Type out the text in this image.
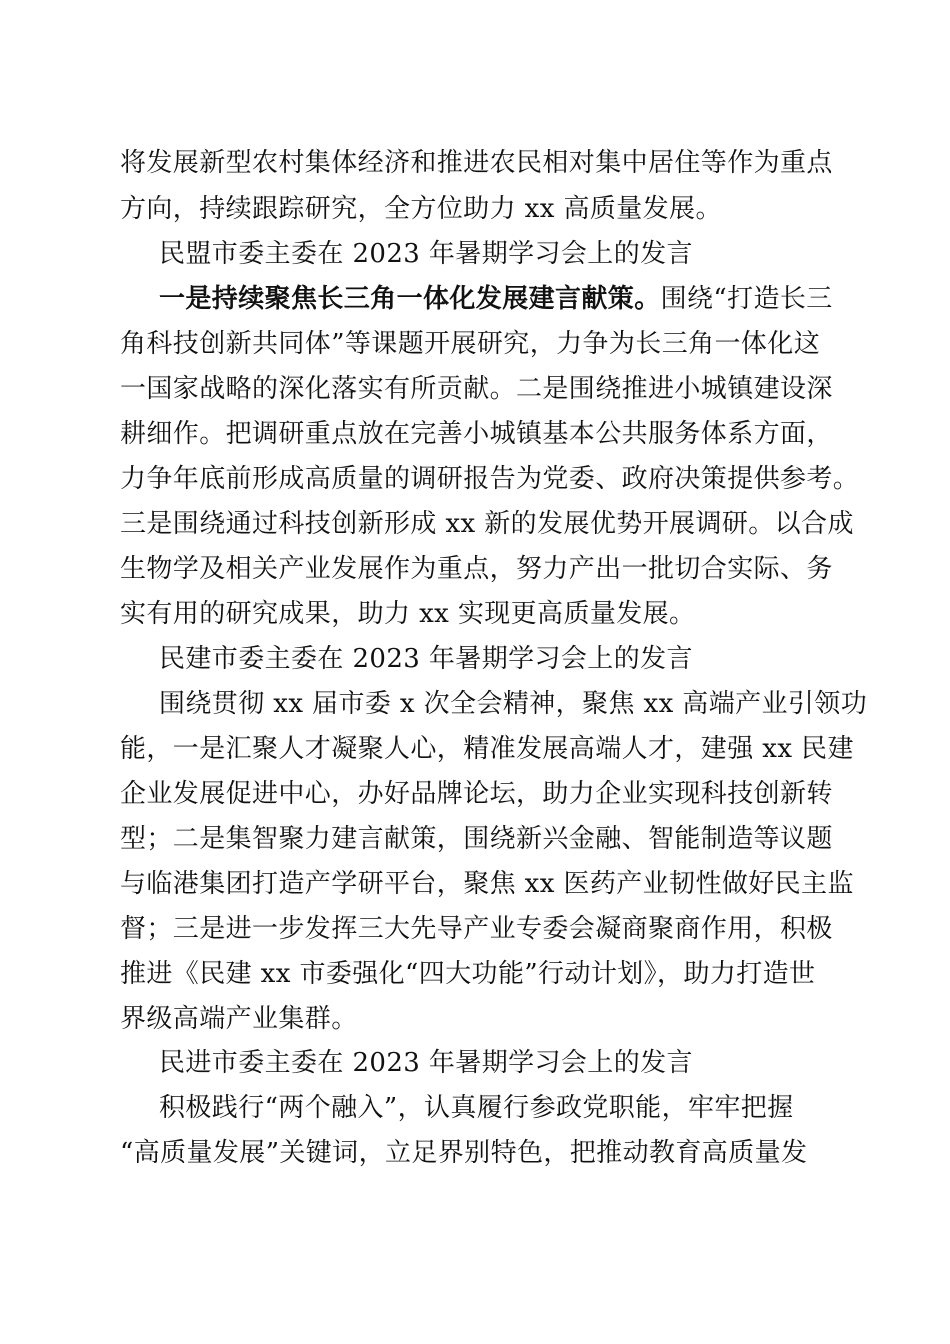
将发展新型农村集体经济和推进农民相对集中居住等作为重点
方向，持续跟踪研究，全方位助力 xx 高质量发展。
民盟市委主委在 2023 年暑期学习会上的发言
一是持续聚焦长三角一体化发展建言献策。围绕“打造长三
角科技创新共同体”等课题开展研究，力争为长三角一体化这
一国家战略的深化落实有所贡献。二是围绕推进小城镇建设深
耕细作。把调研重点放在完善小城镇基本公共服务体系方面，
力争年底前形成高质量的调研报告为党委、政府决策提供参考。
三是围绕通过科技创新形成 xx 新的发展优势开展调研。以合成
生物学及相关产业发展作为重点，努力产出一批切合实际、务
实有用的研究成果，助力 xx 实现更高质量发展。
民建市委主委在 2023 年暑期学习会上的发言
围绕贯彻 xx 届市委 x 次全会精神，聚焦 xx 高端产业引领功
能，一是汇聚人才凝聚人心，精准发展高端人才，建强 xx 民建
企业发展促进中心，办好品牌论坛，助力企业实现科技创新转
型；二是集智聚力建言献策，围绕新兴金融、智能制造等议题
与临港集团打造产学研平台，聚焦 xx 医药产业韧性做好民主监
督；三是进一步发挥三大先导产业专委会凝商聚商作用，积极
推进《民建 xx 市委强化“四大功能”行动计划》，助力打造世
界级高端产业集群。
民进市委主委在 2023 年暑期学习会上的发言
积极践行“两个融入”，认真履行参政党职能，牢牢把握
“高质量发展”关键词，立足界别特色，把推动教育高质量发
